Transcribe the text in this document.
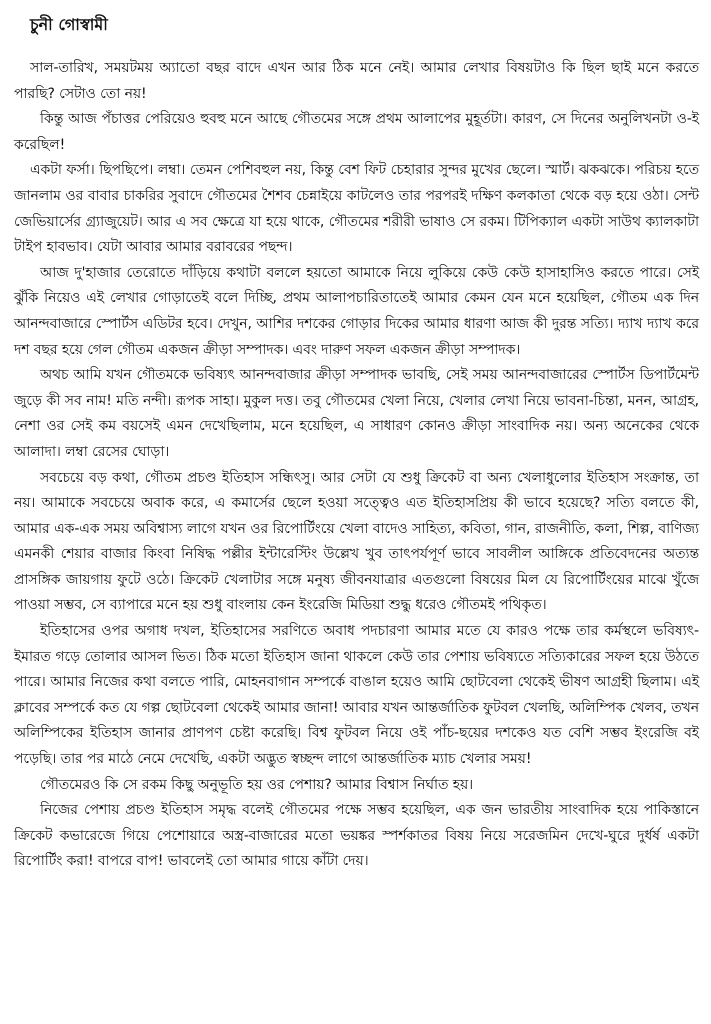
চুনী গোস্বামী

সাল-তারিখ, সময়টময় অ্যাতো বছর বাদে এখন আর ঠিক মনে নেই। আমার লেখার বিষয়টাও কি ছিল ছাই মনে করতে পারছি? সেটাও তো নয়!

কিন্তু আজ পঁচাত্তর পেরিয়েও হুবহু মনে আছে গৌতমের সঙ্গে প্রথম আলাপের মুহূর্তটা। কারণ, সে দিনের অনুলিখনটা ও-ই করেছিল!

একটা ফর্সা। ছিপছিপে। লম্বা। তেমন পেশিবহুল নয়, কিন্তু বেশ ফিট চেহারার সুন্দর মুখের ছেলে। স্মার্ট। ঝকঝকে। পরিচয় হতে জানলাম ওর বাবার চাকরির সুবাদে গৌতমের শৈশব চেন্নাইয়ে কাটলেও তার পরপরই দক্ষিণ কলকাতা থেকে বড় হয়ে ওঠা। সেন্ট জেভিয়ার্সের গ্র্যাজুয়েট। আর এ সব ক্ষেত্রে যা হয়ে থাকে, গৌতমের শরীরী ভাষাও সে রকম। টিপিক্যাল একটা সাউথ ক্যালকাটা টাইপ হাবভাব। যেটা আবার আমার বরাবরের পছন্দ।

আজ দু'হাজার তেরোতে দাঁড়িয়ে কথাটা বললে হয়তো আমাকে নিয়ে লুকিয়ে কেউ কেউ হাসাহাসিও করতে পারে। সেই ঝুঁকি নিয়েও এই লেখার গোড়াতেই বলে দিচ্ছি, প্রথম আলাপচারিতাতেই আমার কেমন যেন মনে হয়েছিল, গৌতম এক দিন আনন্দবাজারে স্পোর্টস এডিটর হবে। দেখুন, আশির দশকের গোড়ার দিকের আমার ধারণা আজ কী দুরন্ত সত্যি। দ্যাখ দ্যাখ করে দশ বছর হয়ে গেল গৌতম একজন ক্রীড়া সম্পাদক। এবং দারুণ সফল একজন ক্রীড়া সম্পাদক।

অথচ আমি যখন গৌতমকে ভবিষ্যৎ আনন্দবাজার ক্রীড়া সম্পাদক ভাবছি, সেই সময় আনন্দবাজারের স্পোর্টস ডিপার্টমেন্ট জুড়ে কী সব নাম! মতি নন্দী। রূপক সাহা। মুকুল দত্ত। তবু গৌতমের খেলা নিয়ে, খেলার লেখা নিয়ে ভাবনা-চিন্তা, মনন, আগ্রহ, নেশা ওর সেই কম বয়সেই এমন দেখেছিলাম, মনে হয়েছিল, এ সাধারণ কোনও ক্রীড়া সাংবাদিক নয়। অন্য অনেকের থেকে আলাদা। লম্বা রেসের ঘোড়া।

সবচেয়ে বড় কথা, গৌতম প্রচণ্ড ইতিহাস সন্ধিৎসু। আর সেটা যে শুধু ক্রিকেট বা অন্য খেলাধুলোর ইতিহাস সংক্রান্ত, তা নয়। আমাকে সবচেয়ে অবাক করে, এ কমার্সের ছেলে হওয়া সত্ত্বেও এত ইতিহাসপ্রিয় কী ভাবে হয়েছে? সত্যি বলতে কী, আমার এক-এক সময় অবিশ্বাস্য লাগে যখন ওর রিপোর্টিংয়ে খেলা বাদেও সাহিত্য, কবিতা, গান, রাজনীতি, কলা, শিল্প, বাণিজ্য এমনকী শেয়ার বাজার কিংবা নিষিদ্ধ পল্লীর ইন্টারেস্টিং উল্লেখ খুব তাৎপর্যপূর্ণ ভাবে সাবলীল আঙ্গিকে প্রতিবেদনের অত্যন্ত প্রাসঙ্গিক জায়গায় ফুটে ওঠে। ক্রিকেট খেলাটার সঙ্গে মনুষ্য জীবনযাত্রার এতগুলো বিষয়ের মিল যে রিপোর্টিংয়ের মাঝে খুঁজে পাওয়া সম্ভব, সে ব্যাপারে মনে হয় শুধু বাংলায় কেন ইংরেজি মিডিয়া শুদ্ধু ধরেও গৌতমই পথিকৃত।

ইতিহাসের ওপর অগাধ দখল, ইতিহাসের সরণিতে অবাধ পদচারণা আমার মতে যে কারও পক্ষে তার কর্মস্থলে ভবিষ্যৎ-ইমারত গড়ে তোলার আসল ভিত। ঠিক মতো ইতিহাস জানা থাকলে কেউ তার পেশায় ভবিষ্যতে সত্যিকারের সফল হয়ে উঠতে পারে। আমার নিজের কথা বলতে পারি, মোহনবাগান সম্পর্কে বাঙাল হয়েও আমি ছোটবেলা থেকেই ভীষণ আগ্রহী ছিলাম। এই ক্লাবের সম্পর্কে কত যে গল্প ছোটবেলা থেকেই আমার জানা! আবার যখন আন্তর্জাতিক ফুটবল খেলছি, অলিম্পিক খেলব, তখন অলিম্পিকের ইতিহাস জানার প্রাণপণ চেষ্টা করেছি। বিশ্ব ফুটবল নিয়ে ওই পাঁচ-ছয়ের দশকেও যত বেশি সম্ভব ইংরেজি বই পড়েছি। তার পর মাঠে নেমে দেখেছি, একটা অদ্ভুত স্বচ্ছন্দ লাগে আন্তর্জাতিক ম্যাচ খেলার সময়!

গৌতমেরও কি সে রকম কিছু অনুভূতি হয় ওর পেশায়? আমার বিশ্বাস নির্ঘাত হয়।

নিজের পেশায় প্রচণ্ড ইতিহাস সমৃদ্ধ বলেই গৌতমের পক্ষে সম্ভব হয়েছিল, এক জন ভারতীয় সাংবাদিক হয়ে পাকিস্তানে ক্রিকেট কভারেজে গিয়ে পেশোয়ারে অস্ত্র-বাজারের মতো ভয়ঙ্কর স্পর্শকাতর বিষয় নিয়ে সরেজমিন দেখে-ঘুরে দুর্ধর্ষ একটা রিপোর্টিং করা! বাপরে বাপ! ভাবলেই তো আমার গায়ে কাঁটা দেয়।
